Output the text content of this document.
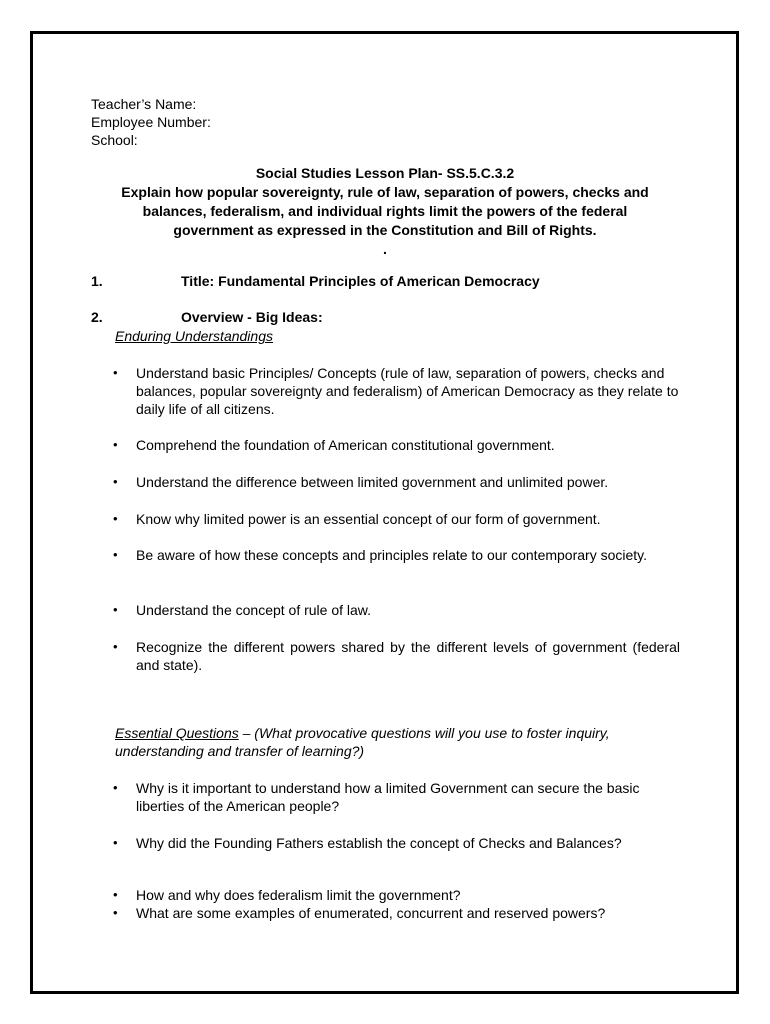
Teacher’s Name:
Employee Number:
School:
Social Studies Lesson Plan- SS.5.C.3.2
Explain how popular sovereignty, rule of law, separation of powers, checks and
balances, federalism, and individual rights limit the powers of the federal
government as expressed in the Constitution and Bill of Rights.
.
1.	Title: Fundamental Principles of American Democracy
2.	Overview - Big Ideas:
Enduring Understandings
• Understand basic Principles/ Concepts (rule of law, separation of powers, checks and balances, popular sovereignty and federalism) of American Democracy as they relate to daily life of all citizens.
• Comprehend the foundation of American constitutional government.
• Understand the difference between limited government and unlimited power.
• Know why limited power is an essential concept of our form of government.
• Be aware of how these concepts and principles relate to our contemporary society.
• Understand the concept of rule of law.
• Recognize the different powers shared by the different levels of government (federal and state).
Essential Questions – (What provocative questions will you use to foster inquiry, understanding and transfer of learning?)
• Why is it important to understand how a limited Government can secure the basic liberties of the American people?
• Why did the Founding Fathers establish the concept of Checks and Balances?
• How and why does federalism limit the government?
• What are some examples of enumerated, concurrent and reserved powers?
